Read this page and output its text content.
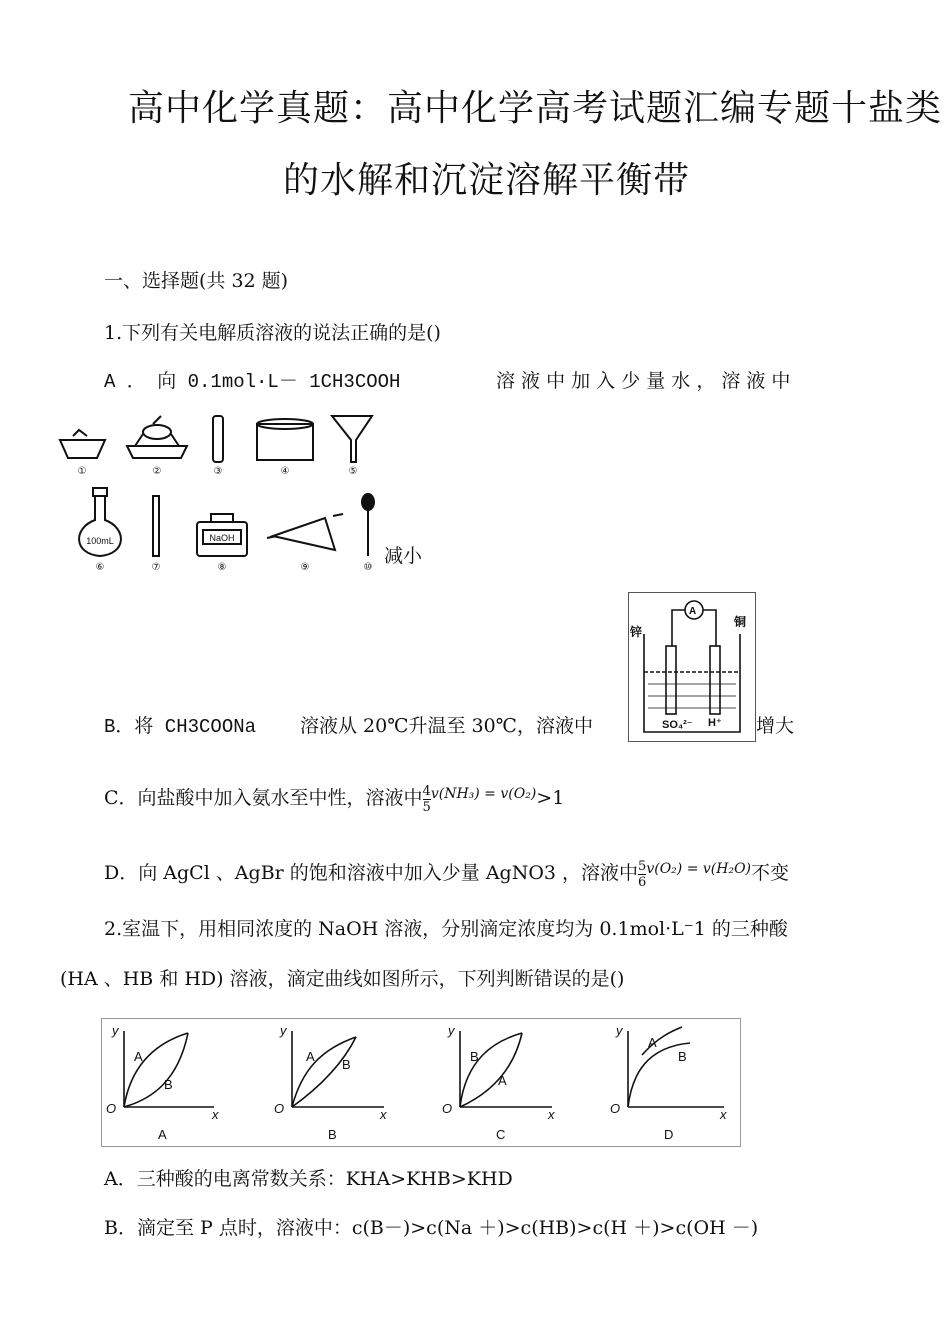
高中化学真题：高中化学高考试题汇编专题十盐类
的水解和沉淀溶解平衡带
一、选择题(共 32 题)
1.下列有关电解质溶液的说法正确的是()
A ． 向 0.1mol·L－ 1CH3COOH	溶 液 中 加 入 少 量 水 ， 溶 液 中
①	②	③	④	⑤
⑥	⑦	⑧	⑨	⑩
100mL	NaOH
减小
A
锌
铜
SO₄²⁻ H⁺
B．将 CH3COONa 溶液从 20℃升温至 30℃，溶液中	增大
C．向盐酸中加入氨水至中性，溶液中 $\frac{4}{5} ^{v(NH_3) = v(O_2)}>1$
D．向 AgCl 、AgBr 的饱和溶液中加入少量 AgNO3 ，溶液中 $\frac{5}{6} ^{v(O_2) = v(H_2O)}$不变
2.室温下，用相同浓度的 NaOH 溶液，分别滴定浓度均为 0.1mol·L⁻1 的三种酸
(HA 、HB 和 HD) 溶液，滴定曲线如图所示，下列判断错误的是()
y
x
O
y
x
O
y
x
O
y
x
O
A
B
A
B
B
A
A
B
A	B	C	D
A．三种酸的电离常数关系：KHA>KHB>KHD
B．滴定至 P 点时，溶液中：c(B－)>c(Na ＋)>c(HB)>c(H ＋)>c(OH －)
